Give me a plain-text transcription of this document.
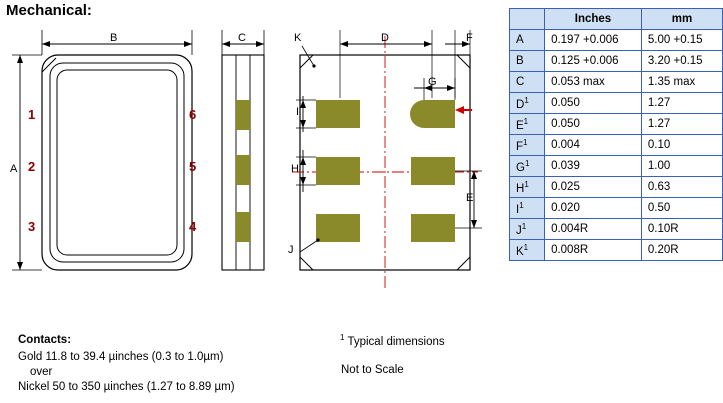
Mechanical:
B	C	D	F
K
G
A
I
H
E
J
1
2
3	4
5
6
Contacts:
Gold 11.8 to 39.4 µinches (0.3 to 1.0µm)
over
Nickel 50 to 350 µinches (1.27 to 8.89 µm)
$^1$ Typical dimensions
Not to Scale
	Inches	mm
A	0.197 +0.006	5.00 +0.15
B	0.125 +0.006	3.20 +0.15
C	0.053 max	1.35 max
$D^1$	0.050	1.27
$E^1$	0.050	1.27
$F^1$	0.004	0.10
$G^1$	0.039	1.00
$H^1$	0.025	0.63
$I^1$	0.020	0.50
$J^1$	0.004R	0.10R
$K^1$	0.008R	0.20R
